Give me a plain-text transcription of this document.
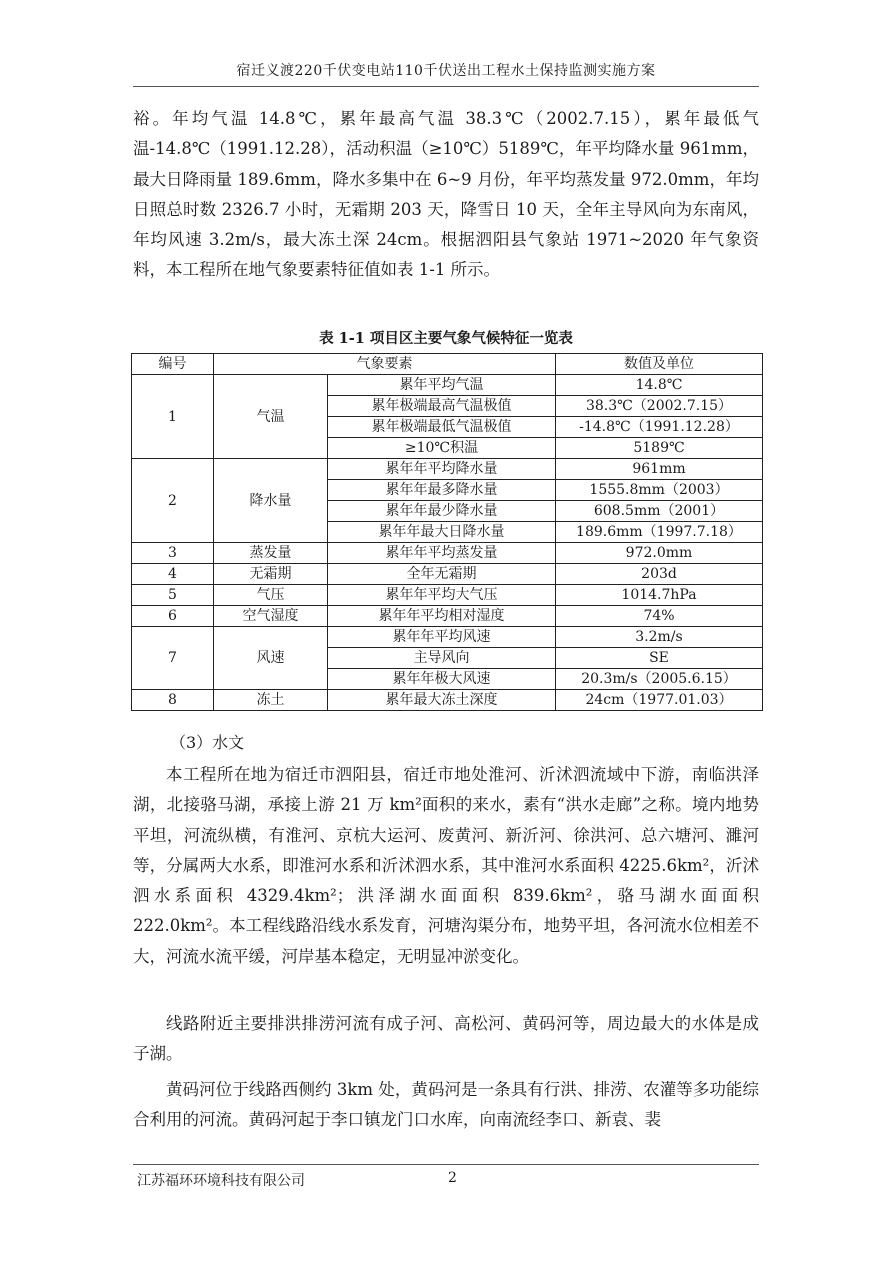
宿迁义渡220千伏变电站110千伏送出工程水土保持监测实施方案

裕。年均气温 14.8℃，累年最高气温 38.3℃（2002.7.15），累年最低气温-14.8℃（1991.12.28），活动积温（≥10℃）5189℃，年平均降水量 961mm，最大日降雨量 189.6mm，降水多集中在 6~9 月份，年平均蒸发量 972.0mm，年均日照总时数 2326.7 小时，无霜期 203 天，降雪日 10 天，全年主导风向为东南风，年均风速 3.2m/s，最大冻土深 24cm。根据泗阳县气象站 1971~2020 年气象资料，本工程所在地气象要素特征值如表 1-1 所示。

表 1-1 项目区主要气象气候特征一览表
编号	气象要素		数值及单位
1	气温	累年平均气温	14.8℃
		累年极端最高气温极值	38.3℃（2002.7.15）
		累年极端最低气温极值	-14.8℃（1991.12.28）
		≥10℃积温	5189℃
2	降水量	累年年平均降水量	961mm
		累年年最多降水量	1555.8mm（2003）
		累年年最少降水量	608.5mm（2001）
		累年年最大日降水量	189.6mm（1997.7.18）
3	蒸发量	累年年平均蒸发量	972.0mm
4	无霜期	全年无霜期	203d
5	气压	累年年平均大气压	1014.7hPa
6	空气湿度	累年年平均相对湿度	74%
7	风速	累年年平均风速	3.2m/s
		主导风向	SE
		累年年极大风速	20.3m/s（2005.6.15）
8	冻土	累年最大冻土深度	24cm（1977.01.03）
（3）水文

本工程所在地为宿迁市泗阳县，宿迁市地处淮河、沂沭泗流域中下游，南临洪泽湖，北接骆马湖，承接上游 21 万 km²面积的来水，素有“洪水走廊”之称。境内地势平坦，河流纵横，有淮河、京杭大运河、废黄河、新沂河、徐洪河、总六塘河、濉河等，分属两大水系，即淮河水系和沂沭泗水系，其中淮河水系面积 4225.6km²，沂沭泗水系面积 4329.4km²；洪泽湖水面面积 839.6km²，骆马湖水面面积 222.0km²。本工程线路沿线水系发育，河塘沟渠分布，地势平坦，各河流水位相差不大，河流水流平缓，河岸基本稳定，无明显冲淤变化。

线路附近主要排洪排涝河流有成子河、高松河、黄码河等，周边最大的水体是成子湖。

黄码河位于线路西侧约 3km 处，黄码河是一条具有行洪、排涝、农灌等多功能综合利用的河流。黄码河起于李口镇龙门口水库，向南流经李口、新袁、裴

江苏福环环境科技有限公司	2
